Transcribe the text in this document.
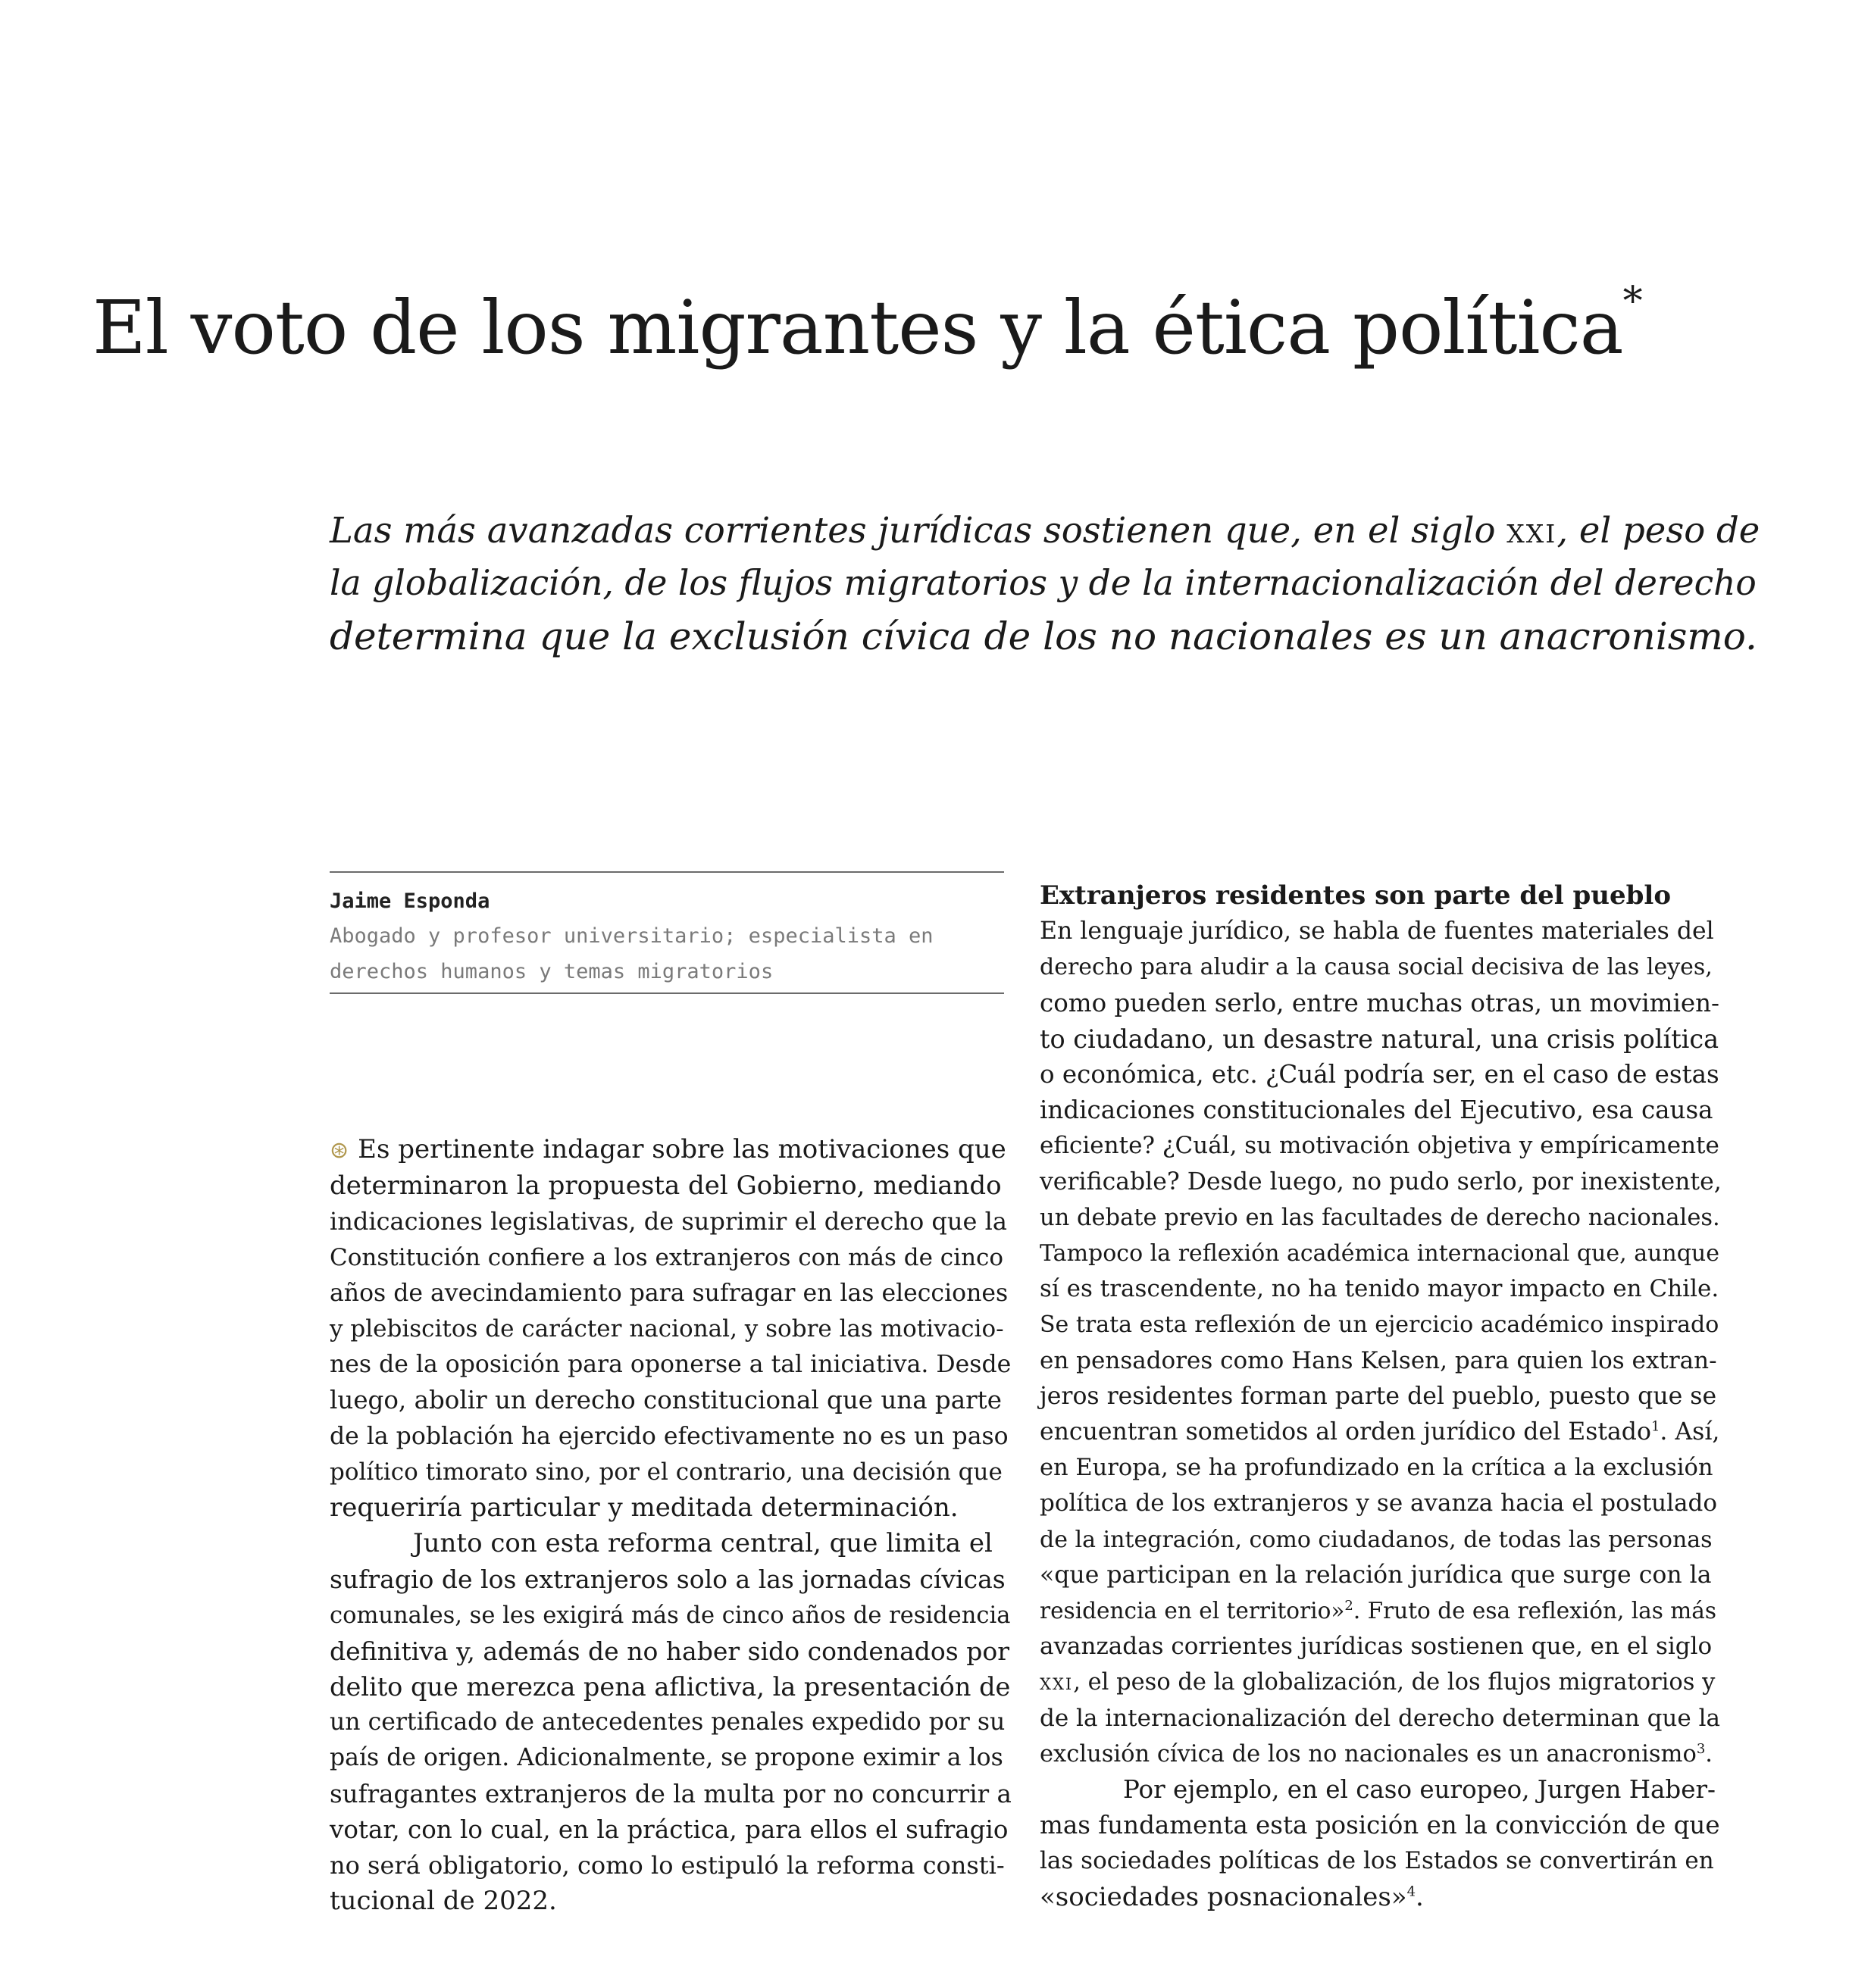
El voto de los migrantes y la ética política*

Las más avanzadas corrientes jurídicas sostienen que, en el siglo xxi, el peso de
la globalización, de los flujos migratorios y de la internacionalización del derecho
determina que la exclusión cívica de los no nacionales es un anacronismo.

Jaime Esponda
Abogado y profesor universitario; especialista en
derechos humanos y temas migratorios
⊛ Es pertinente indagar sobre las motivaciones que
determinaron la propuesta del Gobierno, mediando
indicaciones legislativas, de suprimir el derecho que la
Constitución confiere a los extranjeros con más de cinco
años de avecindamiento para sufragar en las elecciones
y plebiscitos de carácter nacional, y sobre las motivacio-
nes de la oposición para oponerse a tal iniciativa. Desde
luego, abolir un derecho constitucional que una parte
de la población ha ejercido efectivamente no es un paso
político timorato sino, por el contrario, una decisión que
requeriría particular y meditada determinación.
Junto con esta reforma central, que limita el
sufragio de los extranjeros solo a las jornadas cívicas
comunales, se les exigirá más de cinco años de residencia
definitiva y, además de no haber sido condenados por
delito que merezca pena aflictiva, la presentación de
un certificado de antecedentes penales expedido por su
país de origen. Adicionalmente, se propone eximir a los
sufragantes extranjeros de la multa por no concurrir a
votar, con lo cual, en la práctica, para ellos el sufragio
no será obligatorio, como lo estipuló la reforma consti-
tucional de 2022.
Extranjeros residentes son parte del pueblo
En lenguaje jurídico, se habla de fuentes materiales del
derecho para aludir a la causa social decisiva de las leyes,
como pueden serlo, entre muchas otras, un movimien-
to ciudadano, un desastre natural, una crisis política
o económica, etc. ¿Cuál podría ser, en el caso de estas
indicaciones constitucionales del Ejecutivo, esa causa
eficiente? ¿Cuál, su motivación objetiva y empíricamente
verificable? Desde luego, no pudo serlo, por inexistente,
un debate previo en las facultades de derecho nacionales.
Tampoco la reflexión académica internacional que, aunque
sí es trascendente, no ha tenido mayor impacto en Chile.
Se trata esta reflexión de un ejercicio académico inspirado
en pensadores como Hans Kelsen, para quien los extran-
jeros residentes forman parte del pueblo, puesto que se
encuentran sometidos al orden jurídico del Estado$^1$. Así,
en Europa, se ha profundizado en la crítica a la exclusión
política de los extranjeros y se avanza hacia el postulado
de la integración, como ciudadanos, de todas las personas
«que participan en la relación jurídica que surge con la
residencia en el territorio»$^2$. Fruto de esa reflexión, las más
avanzadas corrientes jurídicas sostienen que, en el siglo
xxi, el peso de la globalización, de los flujos migratorios y
de la internacionalización del derecho determinan que la
exclusión cívica de los no nacionales es un anacronismo$^3$.
Por ejemplo, en el caso europeo, Jurgen Haber-
mas fundamenta esta posición en la convicción de que
las sociedades políticas de los Estados se convertirán en
«sociedades posnacionales»$^4$.
